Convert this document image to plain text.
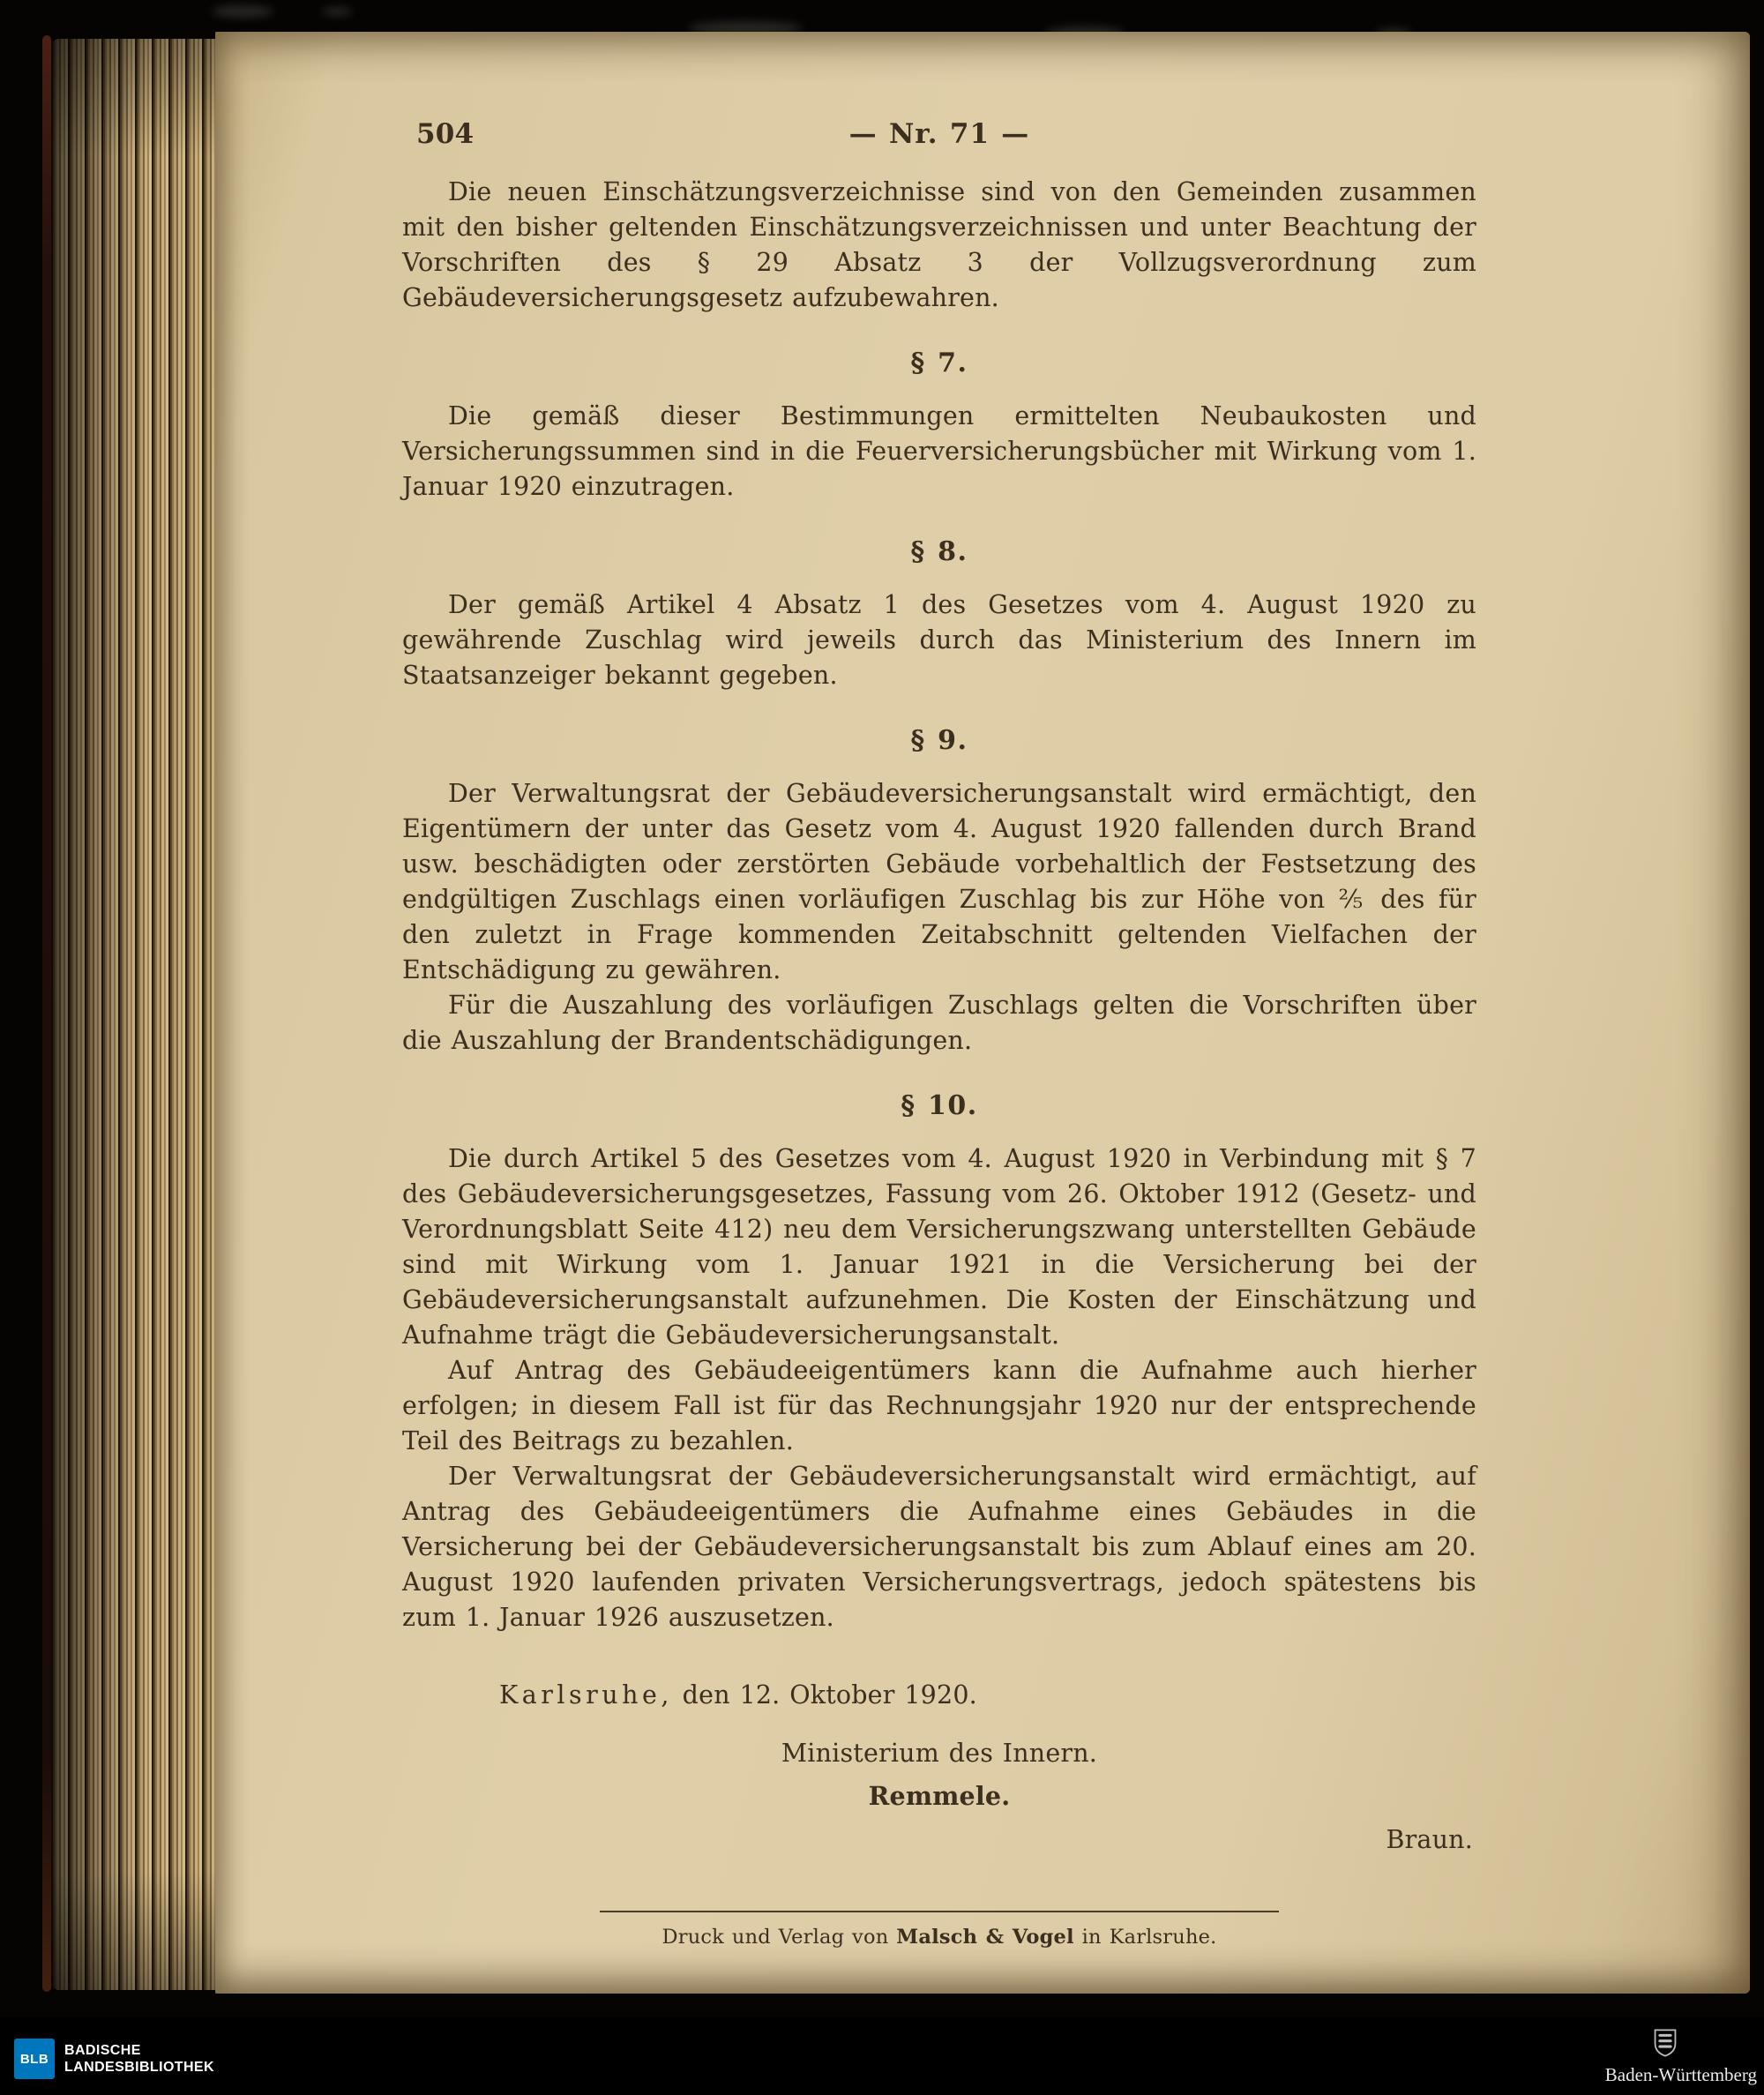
504	— Nr. 71 —

Die neuen Einschätzungsverzeichnisse sind von den Gemeinden zusammen mit den bisher geltenden Einschätzungsverzeichnissen und unter Beachtung der Vorschriften des § 29 Absatz 3 der Vollzugsverordnung zum Gebäudeversicherungsgesetz aufzubewahren.

§ 7.

Die gemäß dieser Bestimmungen ermittelten Neubaukosten und Versicherungssummen sind in die Feuerversicherungsbücher mit Wirkung vom 1. Januar 1920 einzutragen.

§ 8.

Der gemäß Artikel 4 Absatz 1 des Gesetzes vom 4. August 1920 zu gewährende Zuschlag wird jeweils durch das Ministerium des Innern im Staatsanzeiger bekannt gegeben.

§ 9.

Der Verwaltungsrat der Gebäudeversicherungsanstalt wird ermächtigt, den Eigentümern der unter das Gesetz vom 4. August 1920 fallenden durch Brand usw. beschädigten oder zerstörten Gebäude vorbehaltlich der Festsetzung des endgültigen Zuschlags einen vorläufigen Zuschlag bis zur Höhe von ⅖ des für den zuletzt in Frage kommenden Zeitabschnitt geltenden Vielfachen der Entschädigung zu gewähren.

Für die Auszahlung des vorläufigen Zuschlags gelten die Vorschriften über die Auszahlung der Brandentschädigungen.

§ 10.

Die durch Artikel 5 des Gesetzes vom 4. August 1920 in Verbindung mit § 7 des Gebäudeversicherungsgesetzes, Fassung vom 26. Oktober 1912 (Gesetz- und Verordnungsblatt Seite 412) neu dem Versicherungszwang unterstellten Gebäude sind mit Wirkung vom 1. Januar 1921 in die Versicherung bei der Gebäudeversicherungsanstalt aufzunehmen. Die Kosten der Einschätzung und Aufnahme trägt die Gebäudeversicherungsanstalt.

Auf Antrag des Gebäudeeigentümers kann die Aufnahme auch hierher erfolgen; in diesem Fall ist für das Rechnungsjahr 1920 nur der entsprechende Teil des Beitrags zu bezahlen.

Der Verwaltungsrat der Gebäudeversicherungsanstalt wird ermächtigt, auf Antrag des Gebäudeeigentümers die Aufnahme eines Gebäudes in die Versicherung bei der Gebäudeversicherungsanstalt bis zum Ablauf eines am 20. August 1920 laufenden privaten Versicherungsvertrags, jedoch spätestens bis zum 1. Januar 1926 auszusetzen.

Karlsruhe, den 12. Oktober 1920.

Ministerium des Innern.

Remmele.

Braun.

Druck und Verlag von Malsch & Vogel in Karlsruhe.

BLB
BADISCHE
LANDESBIBLIOTHEK	Baden-Württemberg
